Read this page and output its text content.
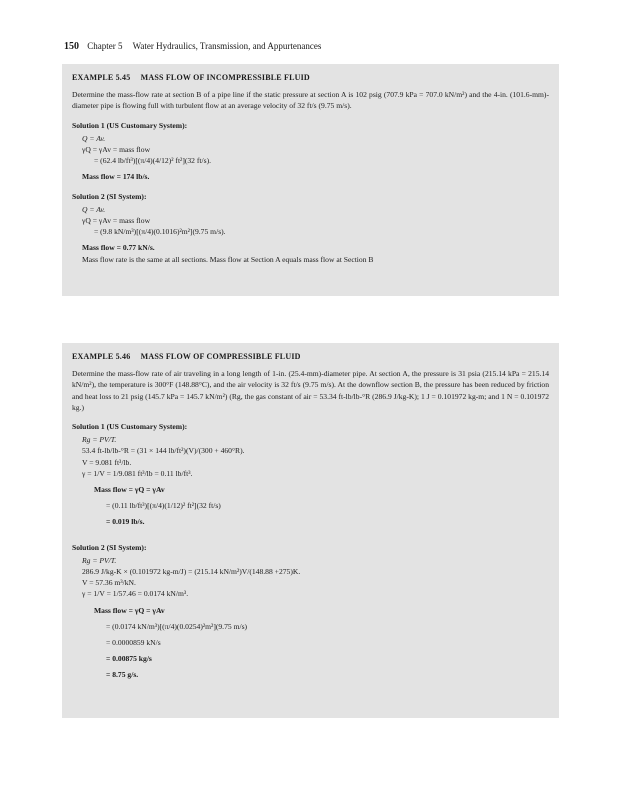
150 Chapter 5 Water Hydraulics, Transmission, and Appurtenances
EXAMPLE 5.45 MASS FLOW OF INCOMPRESSIBLE FLUID
Determine the mass-flow rate at section B of a pipe line if the static pressure at section A is 102 psig (707.9 kPa = 707.0 kN/m²) and the 4-in. (101.6-mm)-diameter pipe is flowing full with turbulent flow at an average velocity of 32 ft/s (9.75 m/s).
Solution 1 (US Customary System):
Q = Av.
γQ = γAv = mass flow
= (62.4 lb/ft³)[(π/4)(4/12)² ft²](32 ft/s).
Mass flow = 174 lb/s.
Solution 2 (SI System):
Q = Av.
γQ = γAv = mass flow
= (9.8 kN/m³)[(π/4)(0.1016)²m²](9.75 m/s).
Mass flow = 0.77 kN/s.
Mass flow rate is the same at all sections. Mass flow at Section A equals mass flow at Section B
EXAMPLE 5.46 MASS FLOW OF COMPRESSIBLE FLUID
Determine the mass-flow rate of air traveling in a long length of 1-in. (25.4-mm)-diameter pipe. At section A, the pressure is 31 psia (215.14 kPa = 215.14 kN/m²), the temperature is 300°F (148.88°C), and the air velocity is 32 ft/s (9.75 m/s). At the downflow section B, the pressure has been reduced by friction and heat loss to 21 psig (145.7 kPa = 145.7 kN/m²) (Rg, the gas constant of air = 53.34 ft-lb/lb-°R (286.9 J/kg-K); 1 J = 0.101972 kg-m; and 1 N = 0.101972 kg.)
Solution 1 (US Customary System):
Rg = PV/T.
53.4 ft-lb/lb-°R = (31 × 144 lb/ft²)(V)/(300 + 460°R).
V = 9.081 ft³/lb.
γ = 1/V = 1/9.081 ft³/lb = 0.11 lb/ft³.
Mass flow = γQ = γAv
= (0.11 lb/ft³)[(π/4)(1/12)² ft²](32 ft/s)
= 0.019 lb/s.
Solution 2 (SI System):
Rg = PV/T.
286.9 J/kg-K × (0.101972 kg-m/J) = (215.14 kN/m²)V/(148.88 +275)K.
V = 57.36 m³/kN.
γ = 1/V = 1/57.46 = 0.0174 kN/m³.
Mass flow = γQ = γAv
= (0.0174 kN/m³)[(π/4)(0.0254)²m²](9.75 m/s)
= 0.0000859 kN/s
= 0.00875 kg/s
= 8.75 g/s.
